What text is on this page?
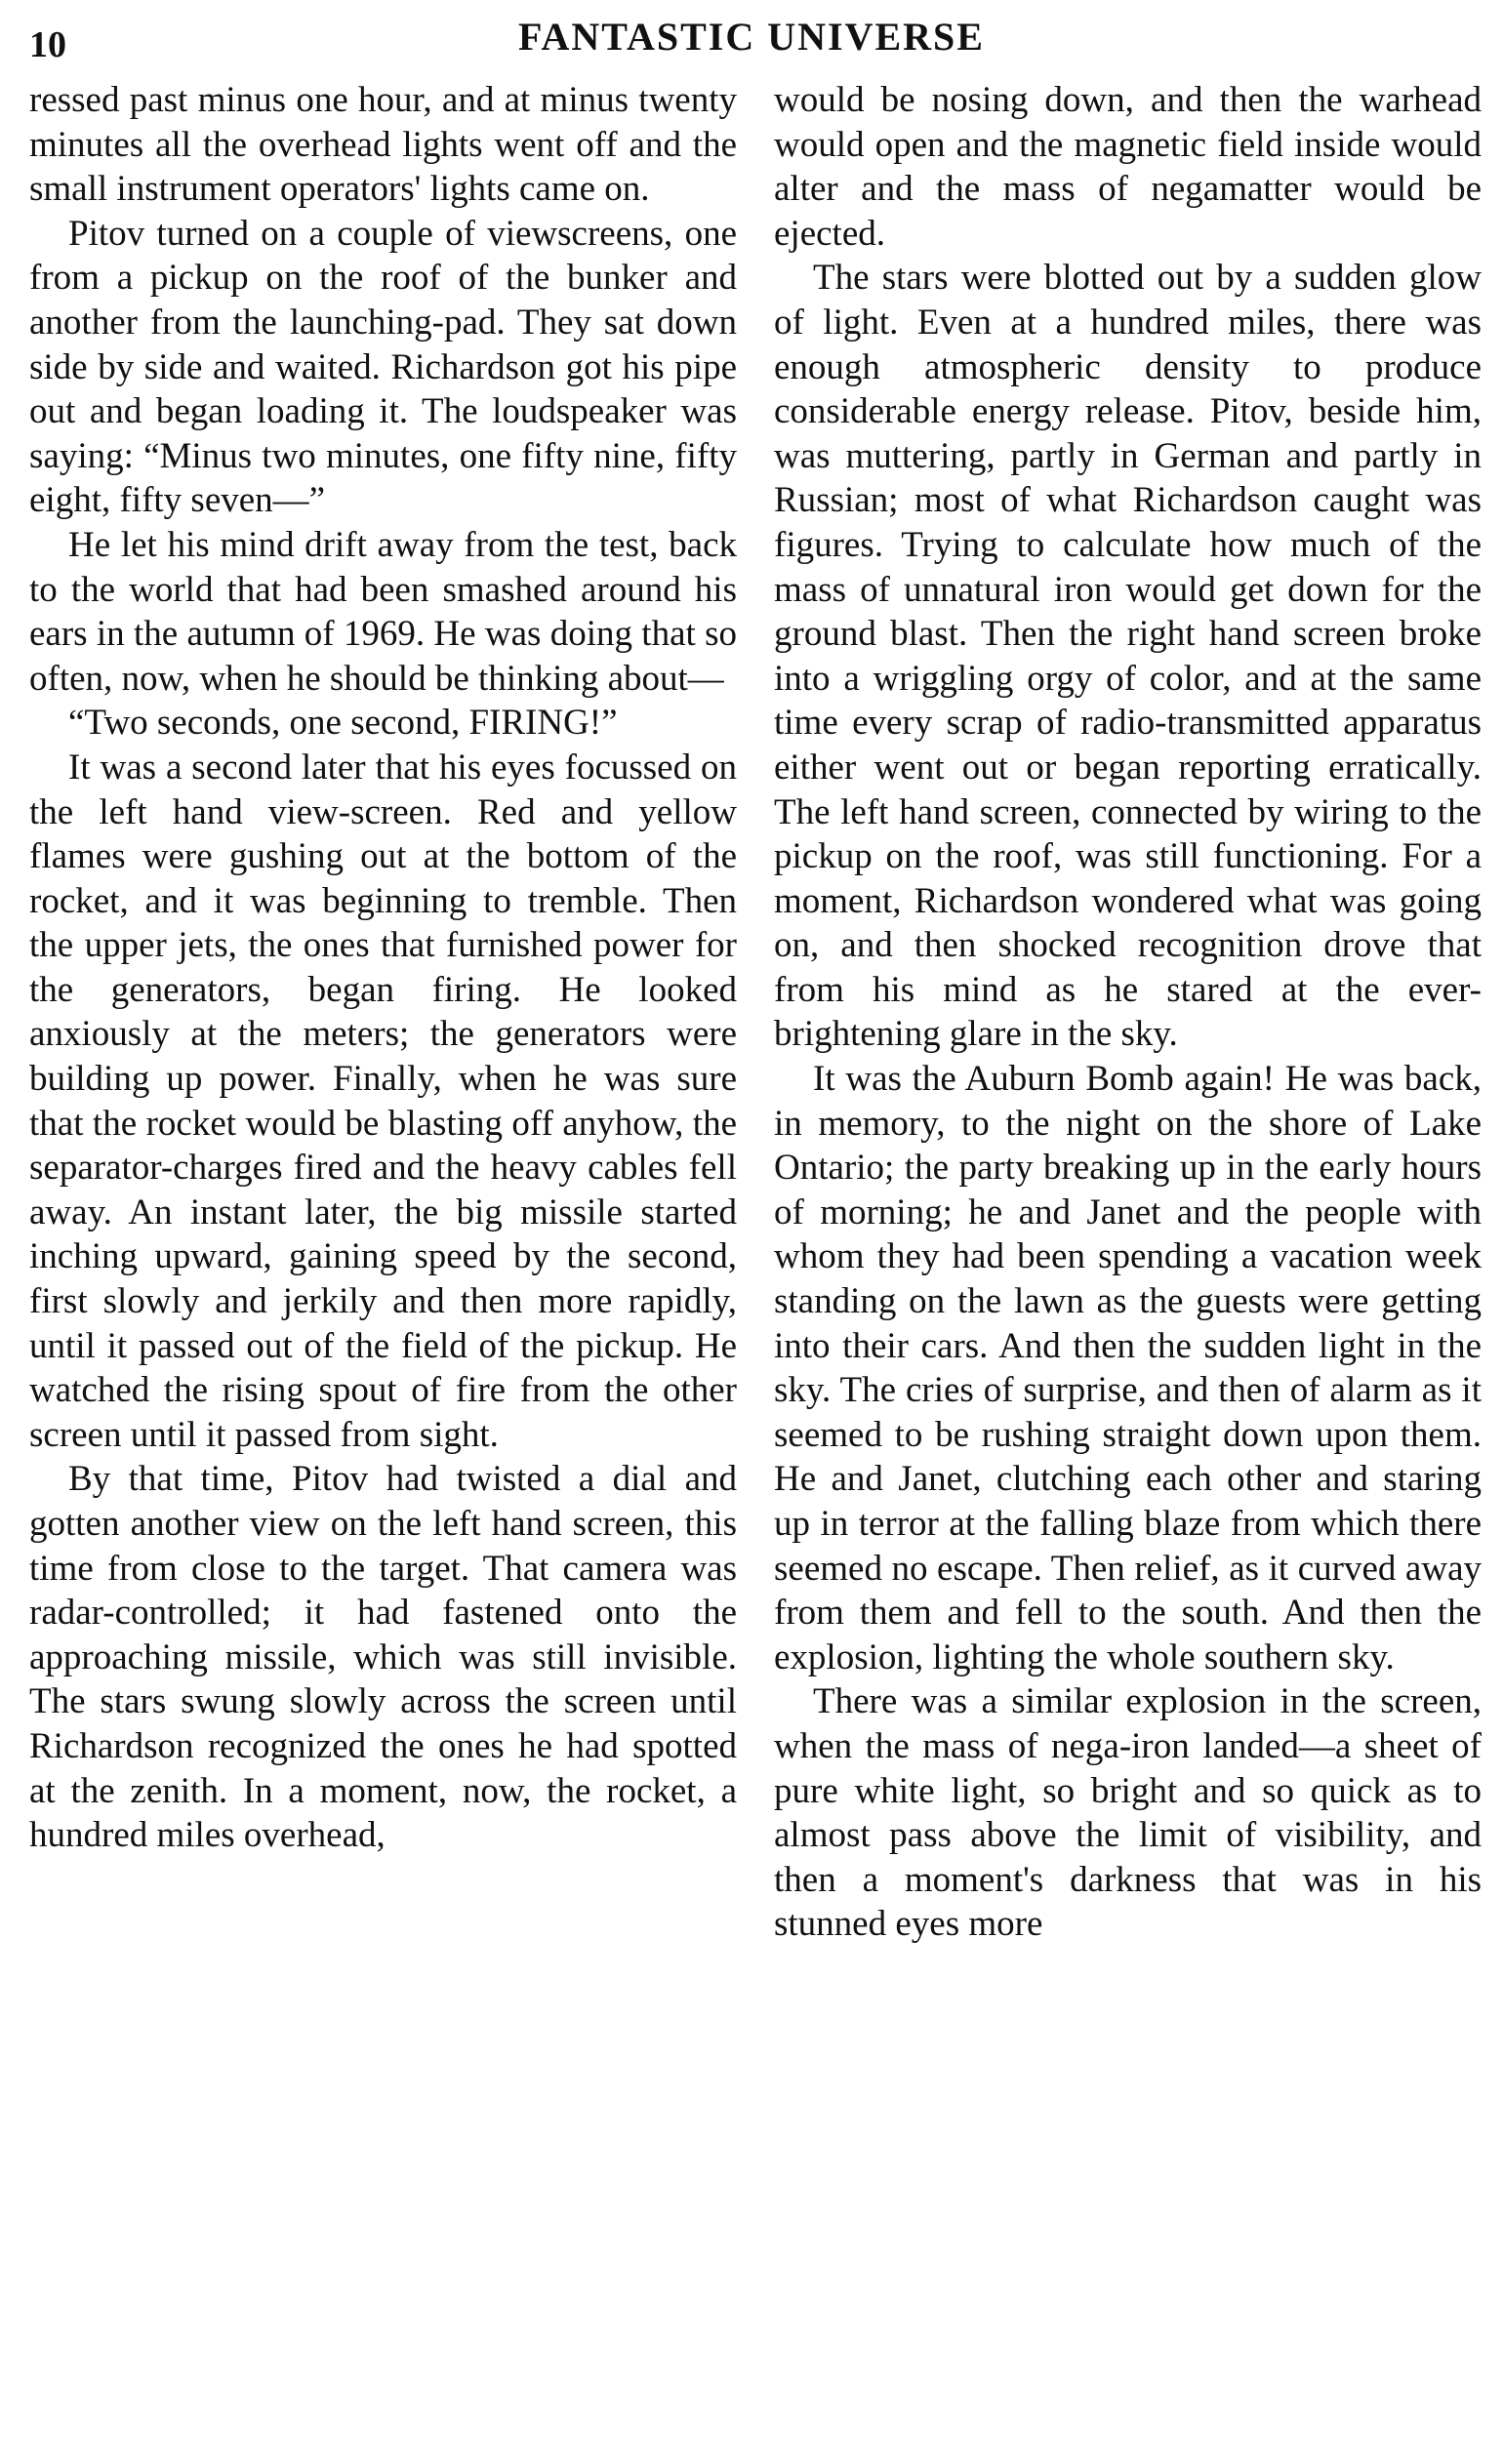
10	FANTASTIC UNIVERSE

ressed past minus one hour, and at minus twenty minutes all the overhead lights went off and the small instrument operators' lights came on.

Pitov turned on a couple of viewscreens, one from a pickup on the roof of the bunker and another from the launching-pad. They sat down side by side and waited. Richardson got his pipe out and began loading it. The loudspeaker was saying: “Minus two minutes, one fifty nine, fifty eight, fifty seven—”

He let his mind drift away from the test, back to the world that had been smashed around his ears in the autumn of 1969. He was doing that so often, now, when he should be thinking about—

“Two seconds, one second, FIRING!”

It was a second later that his eyes focussed on the left hand view-screen. Red and yellow flames were gushing out at the bottom of the rocket, and it was beginning to tremble. Then the upper jets, the ones that furnished power for the generators, began firing. He looked anxiously at the meters; the generators were building up power. Finally, when he was sure that the rocket would be blasting off anyhow, the separator-charges fired and the heavy cables fell away. An instant later, the big missile started inching upward, gaining speed by the second, first slowly and jerkily and then more rapidly, until it passed out of the field of the pickup. He watched the rising spout of fire from the other screen until it passed from sight.

By that time, Pitov had twisted a dial and gotten another view on the left hand screen, this time from close to the target. That camera was radar-controlled; it had fastened onto the approaching missile, which was still invisible. The stars swung slowly across the screen until Richardson recognized the ones he had spotted at the zenith. In a moment, now, the rocket, a hundred miles overhead,

would be nosing down, and then the warhead would open and the magnetic field inside would alter and the mass of negamatter would be ejected.

The stars were blotted out by a sudden glow of light. Even at a hundred miles, there was enough atmospheric density to produce considerable energy release. Pitov, beside him, was muttering, partly in German and partly in Russian; most of what Richardson caught was figures. Trying to calculate how much of the mass of unnatural iron would get down for the ground blast. Then the right hand screen broke into a wriggling orgy of color, and at the same time every scrap of radio-transmitted apparatus either went out or began reporting erratically. The left hand screen, connected by wiring to the pickup on the roof, was still functioning. For a moment, Richardson wondered what was going on, and then shocked recognition drove that from his mind as he stared at the ever-brightening glare in the sky.

It was the Auburn Bomb again! He was back, in memory, to the night on the shore of Lake Ontario; the party breaking up in the early hours of morning; he and Janet and the people with whom they had been spending a vacation week standing on the lawn as the guests were getting into their cars. And then the sudden light in the sky. The cries of surprise, and then of alarm as it seemed to be rushing straight down upon them. He and Janet, clutching each other and staring up in terror at the falling blaze from which there seemed no escape. Then relief, as it curved away from them and fell to the south. And then the explosion, lighting the whole southern sky.

There was a similar explosion in the screen, when the mass of nega-iron landed—a sheet of pure white light, so bright and so quick as to almost pass above the limit of visibility, and then a moment's darkness that was in his stunned eyes more
